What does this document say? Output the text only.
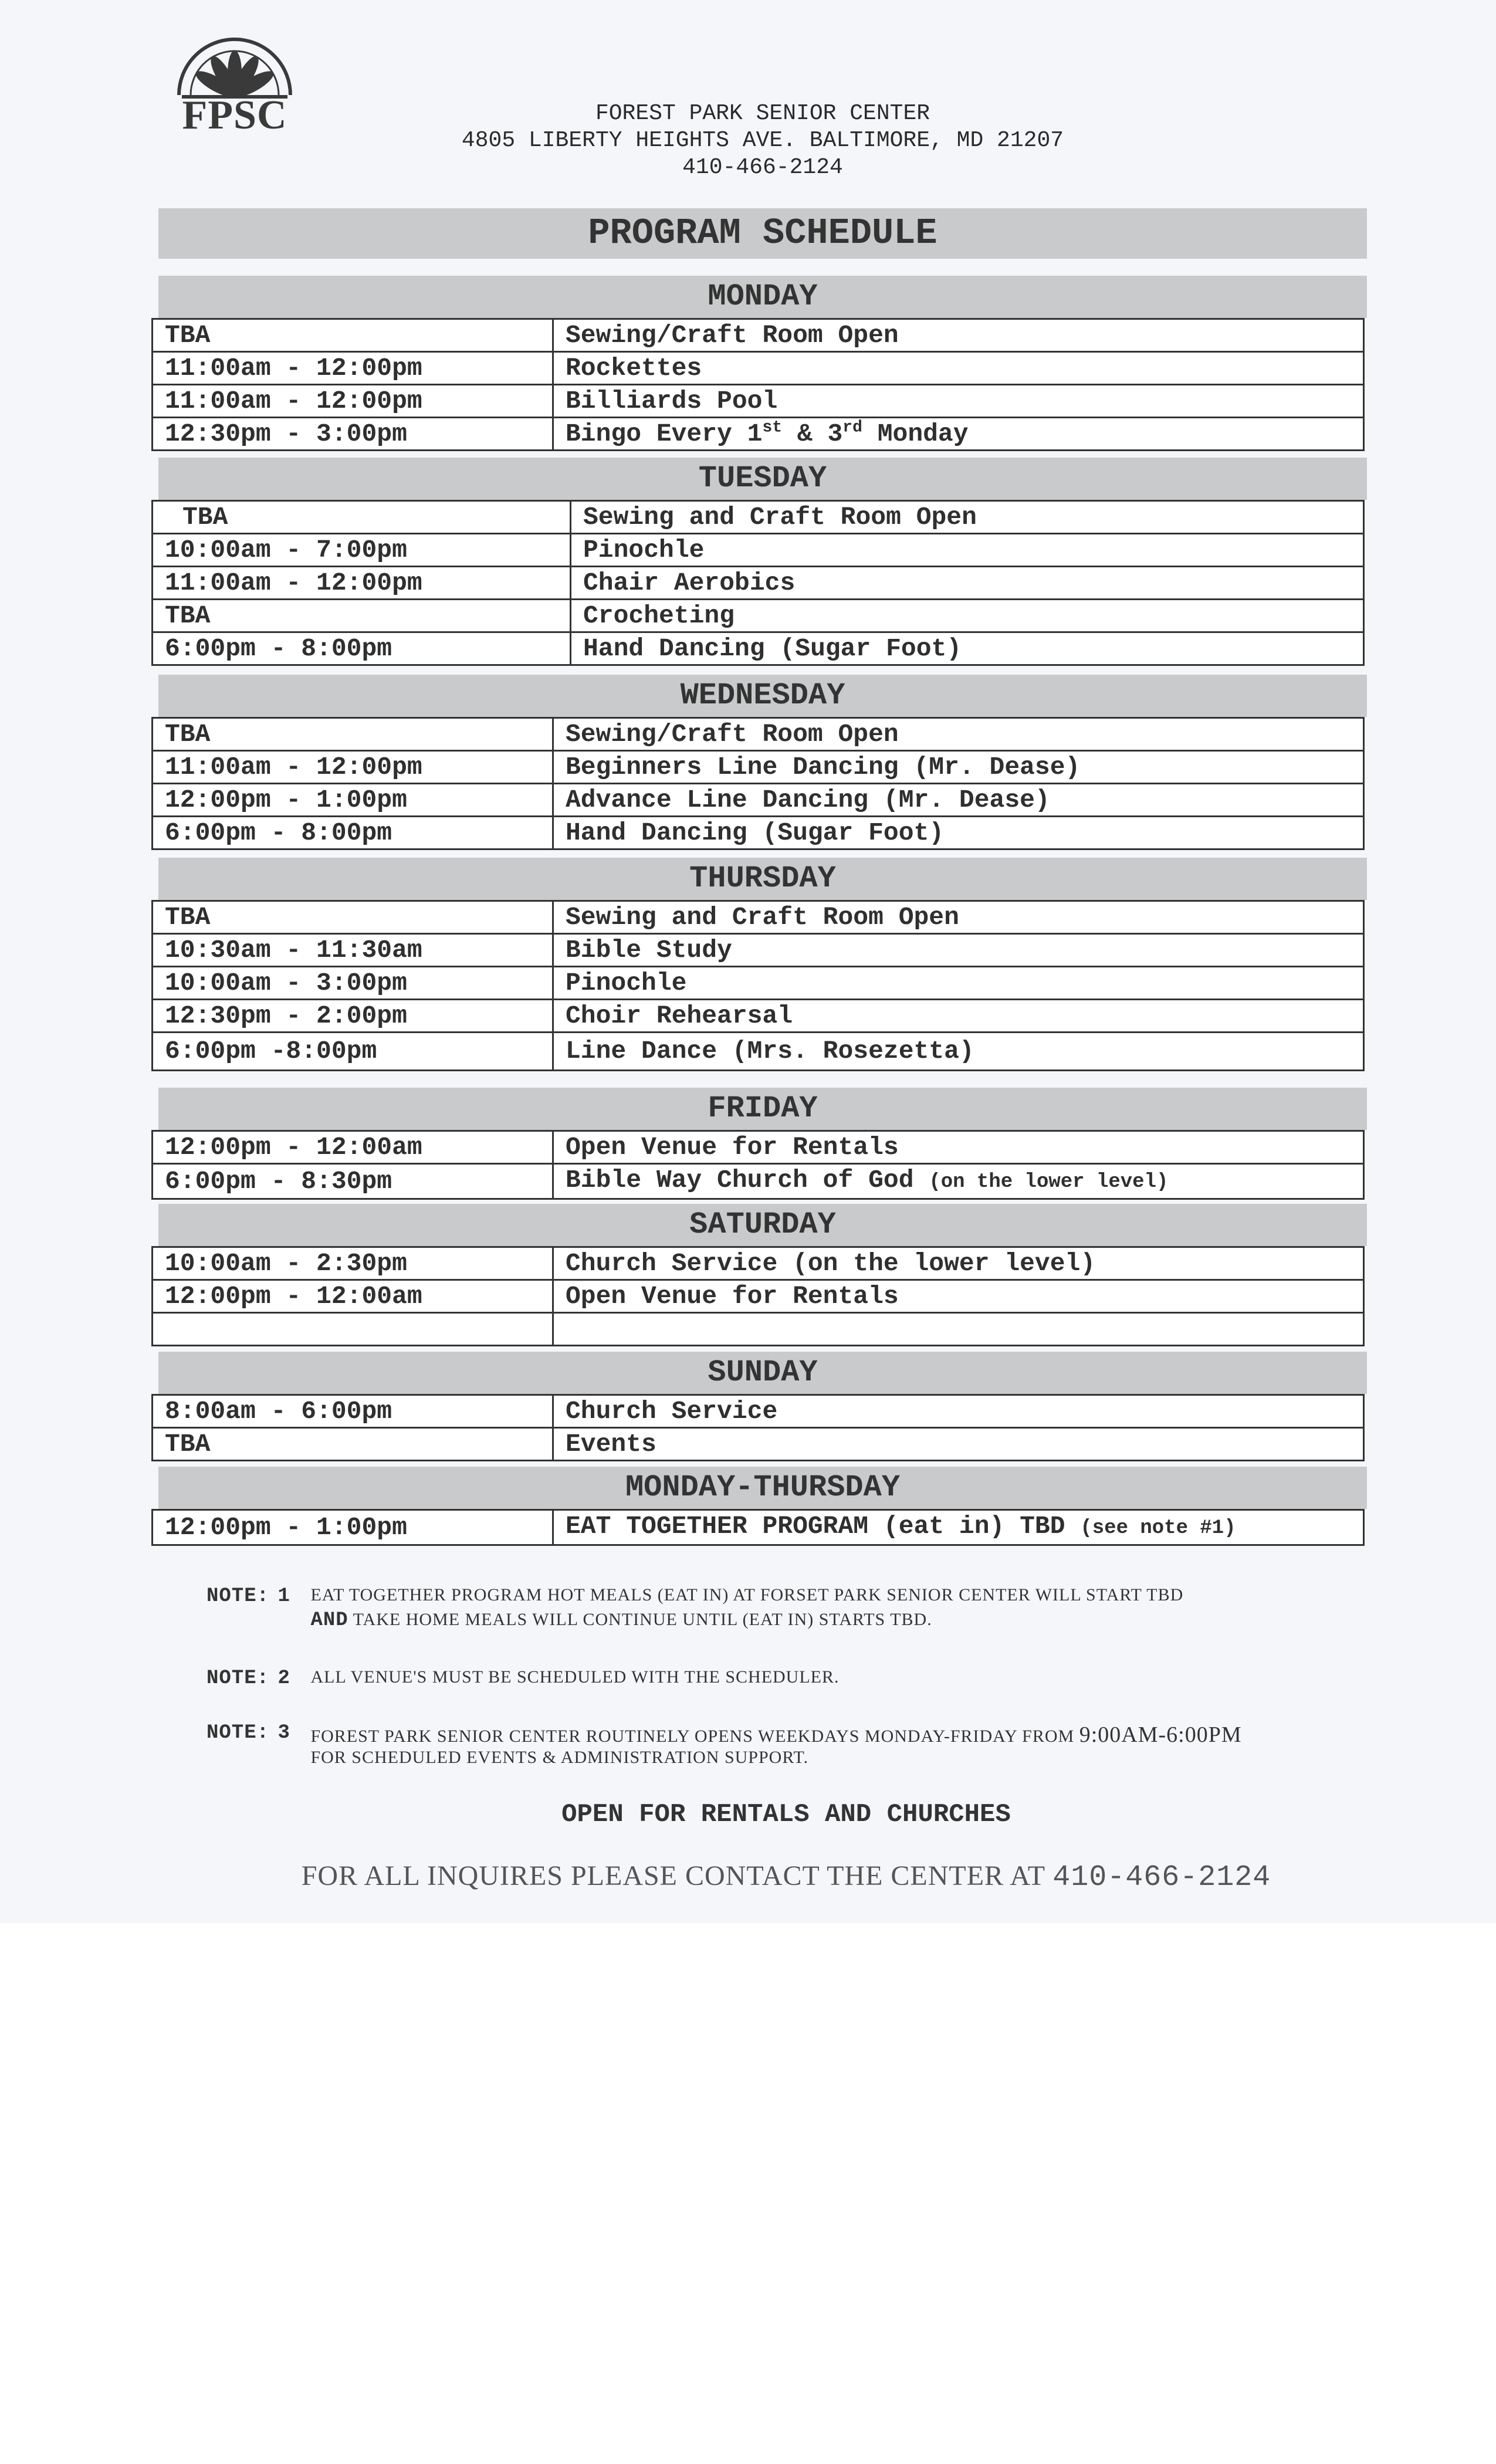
FPSC	FOREST PARK SENIOR CENTER
4805 LIBERTY HEIGHTS AVE. BALTIMORE, MD 21207
410-466-2124
PROGRAM SCHEDULE
MONDAY
TBA	Sewing/Craft Room Open
11:00am - 12:00pm	Rockettes
11:00am - 12:00pm	Billiards Pool
12:30pm - 3:00pm	Bingo Every 1st & 3rd Monday
TUESDAY
TBA	Sewing and Craft Room Open
10:00am - 7:00pm	Pinochle
11:00am - 12:00pm	Chair Aerobics
TBA	Crocheting
6:00pm - 8:00pm	Hand Dancing (Sugar Foot)
WEDNESDAY
TBA	Sewing/Craft Room Open
11:00am - 12:00pm	Beginners Line Dancing (Mr. Dease)
12:00pm - 1:00pm	Advance Line Dancing (Mr. Dease)
6:00pm - 8:00pm	Hand Dancing (Sugar Foot)
THURSDAY
TBA	Sewing and Craft Room Open
10:30am - 11:30am	Bible Study
10:00am - 3:00pm	Pinochle
12:30pm - 2:00pm	Choir Rehearsal
6:00pm -8:00pm	Line Dance (Mrs. Rosezetta)
FRIDAY
12:00pm - 12:00am	Open Venue for Rentals
6:00pm - 8:30pm	Bible Way Church of God (on the lower level)
SATURDAY
10:00am - 2:30pm	Church Service (on the lower level)
12:00pm - 12:00am	Open Venue for Rentals

SUNDAY
8:00am - 6:00pm	Church Service
TBA	Events
MONDAY-THURSDAY
12:00pm - 1:00pm	EAT TOGETHER PROGRAM (eat in) TBD (see note #1)
NOTE: 1 EAT TOGETHER PROGRAM HOT MEALS (EAT IN) AT FORSET PARK SENIOR CENTER WILL START TBD
AND TAKE HOME MEALS WILL CONTINUE UNTIL (EAT IN) STARTS TBD.
NOTE: 2 ALL VENUE'S MUST BE SCHEDULED WITH THE SCHEDULER.
NOTE: 3 FOREST PARK SENIOR CENTER ROUTINELY OPENS WEEKDAYS MONDAY-FRIDAY FROM 9:00AM-6:00PM
FOR SCHEDULED EVENTS & ADMINISTRATION SUPPORT.
OPEN FOR RENTALS AND CHURCHES
FOR ALL INQUIRES PLEASE CONTACT THE CENTER AT 410-466-2124
